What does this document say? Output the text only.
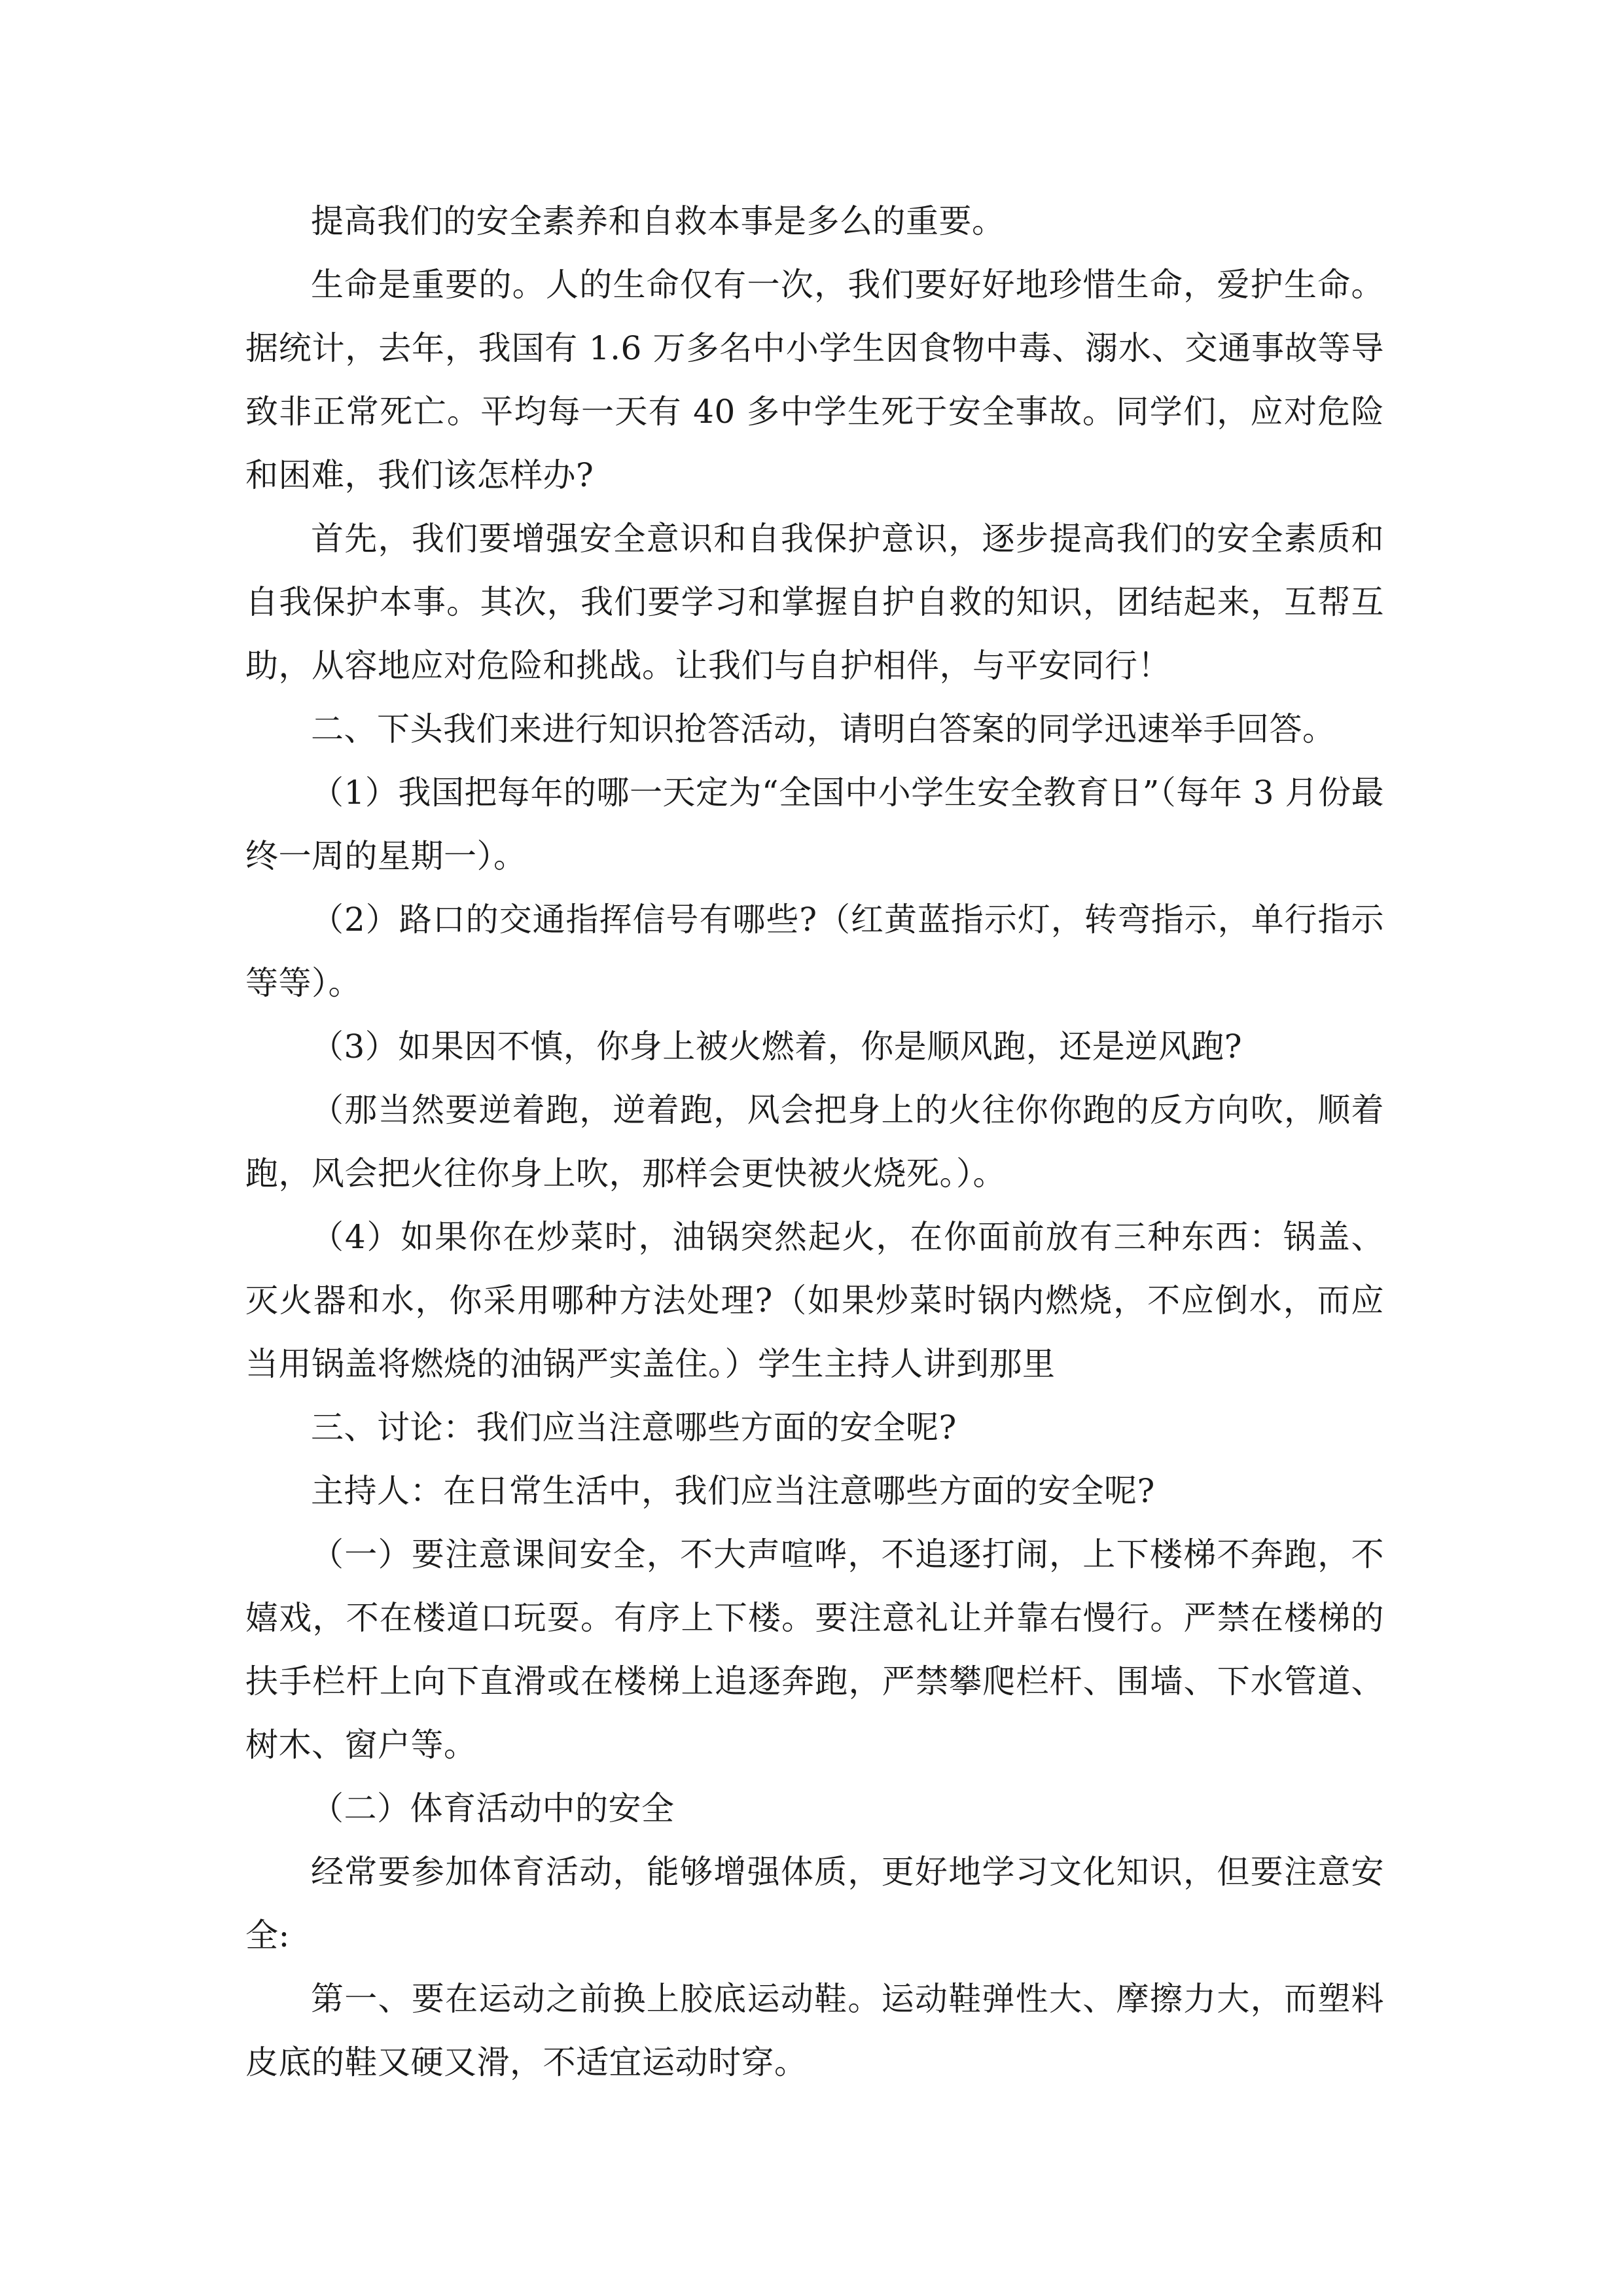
提高我们的安全素养和自救本事是多么的重要。

生命是重要的。人的生命仅有一次，我们要好好地珍惜生命，爱护生命。据统计，去年，我国有 1.6 万多名中小学生因食物中毒、溺水、交通事故等导致非正常死亡。平均每一天有 40 多中学生死于安全事故。同学们，应对危险和困难，我们该怎样办?

首先，我们要增强安全意识和自我保护意识，逐步提高我们的安全素质和自我保护本事。其次，我们要学习和掌握自护自救的知识，团结起来，互帮互助，从容地应对危险和挑战。让我们与自护相伴，与平安同行！

二、下头我们来进行知识抢答活动，请明白答案的同学迅速举手回答。

（1）我国把每年的哪一天定为“全国中小学生安全教育日”（每年 3 月份最终一周的星期一）。

（2）路口的交通指挥信号有哪些?（红黄蓝指示灯，转弯指示，单行指示等等）。

（3）如果因不慎，你身上被火燃着，你是顺风跑，还是逆风跑?

（那当然要逆着跑，逆着跑，风会把身上的火往你你跑的反方向吹，顺着跑，风会把火往你身上吹，那样会更快被火烧死。）。

（4）如果你在炒菜时，油锅突然起火，在你面前放有三种东西：锅盖、灭火器和水，你采用哪种方法处理?（如果炒菜时锅内燃烧，不应倒水，而应当用锅盖将燃烧的油锅严实盖住。）学生主持人讲到那里

三、讨论：我们应当注意哪些方面的安全呢?

主持人：在日常生活中，我们应当注意哪些方面的安全呢?

（一）要注意课间安全，不大声喧哗，不追逐打闹，上下楼梯不奔跑，不嬉戏，不在楼道口玩耍。有序上下楼。要注意礼让并靠右慢行。严禁在楼梯的扶手栏杆上向下直滑或在楼梯上追逐奔跑，严禁攀爬栏杆、围墙、下水管道、树木、窗户等。

（二）体育活动中的安全

经常要参加体育活动，能够增强体质，更好地学习文化知识，但要注意安全:

第一、要在运动之前换上胶底运动鞋。运动鞋弹性大、摩擦力大，而塑料皮底的鞋又硬又滑，不适宜运动时穿。
